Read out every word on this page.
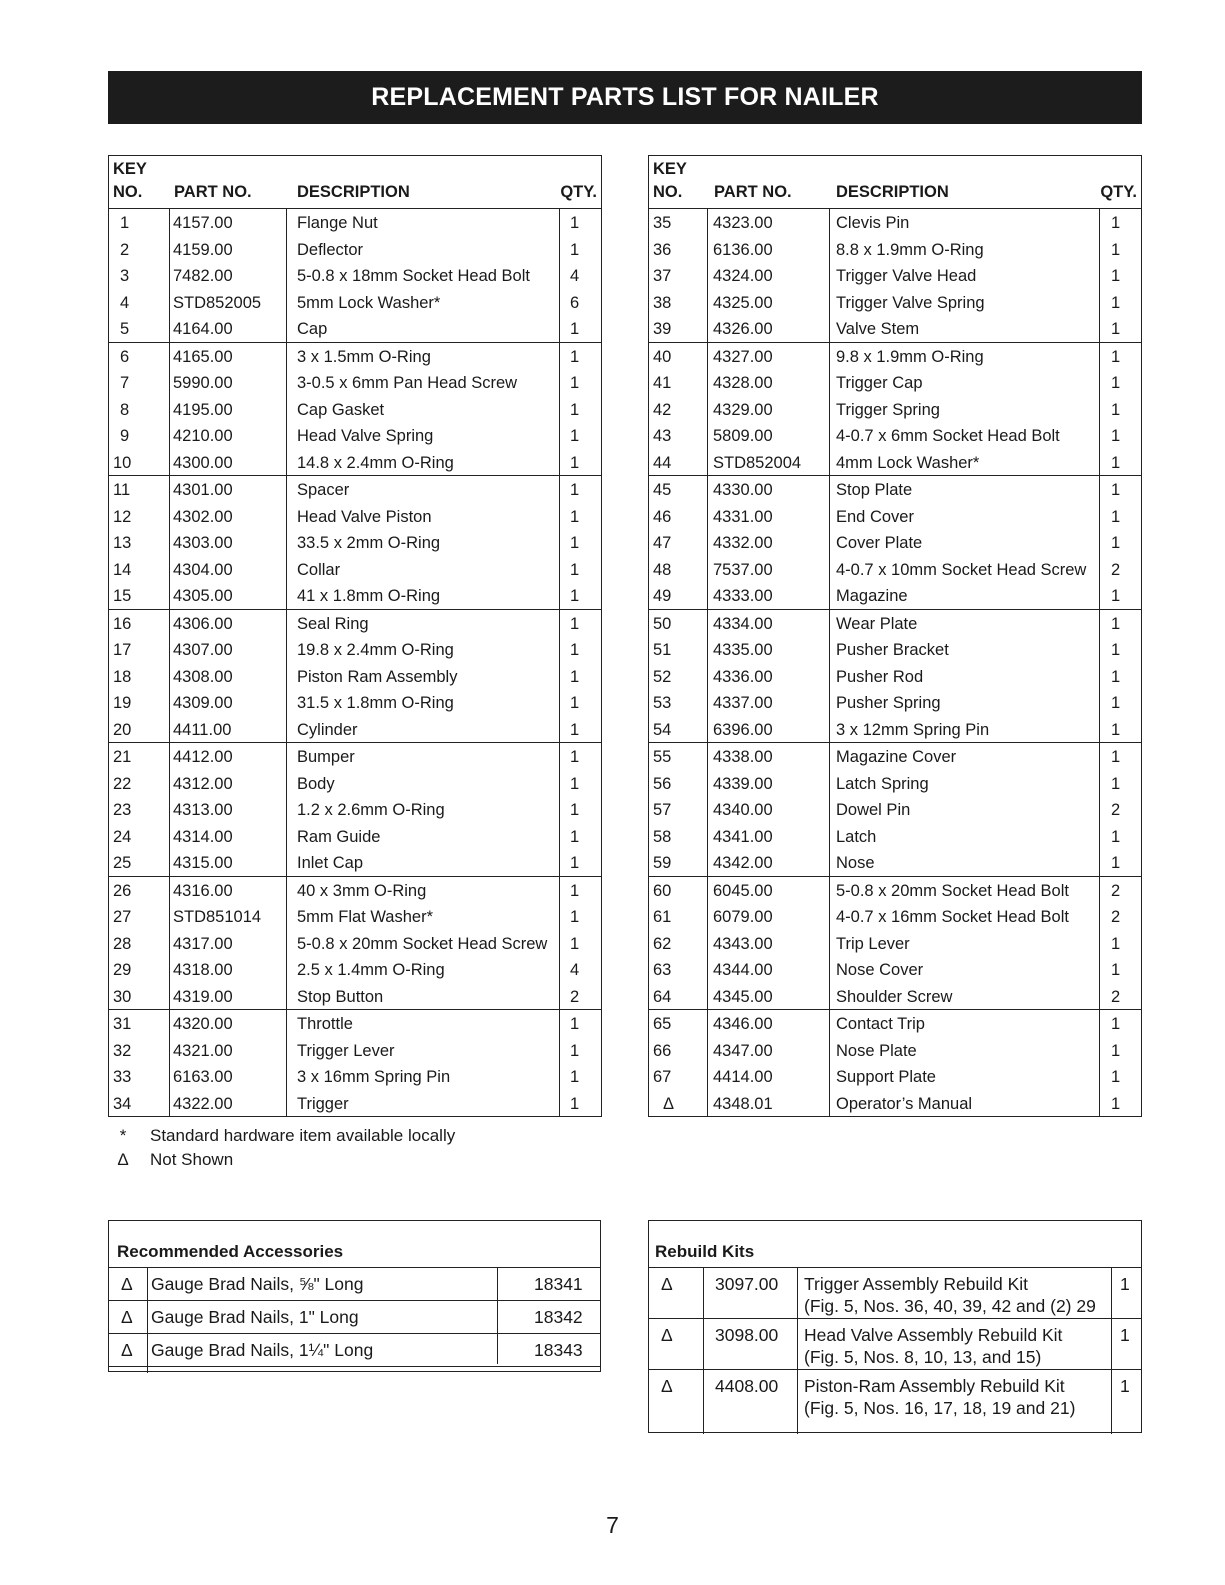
REPLACEMENT PARTS LIST FOR NAILER
KEY
NO. PART NO.	DESCRIPTION	QTY.
1	4157.00	Flange Nut	1
2	4159.00	Deflector	1
3	7482.00	5-0.8 x 18mm Socket Head Bolt 4
4	STD852005 5mm Lock Washer*	6
5	4164.00	Cap	1
6	4165.00	3 x 1.5mm O-Ring	1
7	5990.00	3-0.5 x 6mm Pan Head Screw	1
8	4195.00	Cap Gasket	1
9	4210.00	Head Valve Spring	1
10	4300.00	14.8 x 2.4mm O-Ring	1
11	4301.00	Spacer	1
12	4302.00	Head Valve Piston	1
13	4303.00	33.5 x 2mm O-Ring	1
14	4304.00	Collar	1
15	4305.00	41 x 1.8mm O-Ring	1
16	4306.00	Seal Ring	1
17	4307.00	19.8 x 2.4mm O-Ring	1
18	4308.00	Piston Ram Assembly	1
19	4309.00	31.5 x 1.8mm O-Ring	1
20	4411.00	Cylinder	1
21	4412.00	Bumper	1
22	4312.00	Body	1
23	4313.00	1.2 x 2.6mm O-Ring	1
24	4314.00	Ram Guide	1
25	4315.00	Inlet Cap	1
26	4316.00	40 x 3mm O-Ring	1
27	STD851014 5mm Flat Washer*	1
28	4317.00	5-0.8 x 20mm Socket Head Screw 1
29	4318.00	2.5 x 1.4mm O-Ring	4
30	4319.00	Stop Button	2
31	4320.00	Throttle	1
32	4321.00	Trigger Lever	1
33	6163.00	3 x 16mm Spring Pin	1
34	4322.00	Trigger	1
KEY
NO. PART NO.	DESCRIPTION	QTY.
35	4323.00	Clevis Pin	1
36	6136.00	8.8 x 1.9mm O-Ring	1
37	4324.00	Trigger Valve Head	1
38	4325.00	Trigger Valve Spring	1
39	4326.00	Valve Stem	1
40	4327.00	9.8 x 1.9mm O-Ring	1
41	4328.00	Trigger Cap	1
42	4329.00	Trigger Spring	1
43	5809.00	4-0.7 x 6mm Socket Head Bolt	1
44	STD852004 4mm Lock Washer*	1
45	4330.00	Stop Plate	1
46	4331.00	End Cover	1
47	4332.00	Cover Plate	1
48	7537.00	4-0.7 x 10mm Socket Head Screw 2
49	4333.00	Magazine	1
50	4334.00	Wear Plate	1
51	4335.00	Pusher Bracket	1
52	4336.00	Pusher Rod	1
53	4337.00	Pusher Spring	1
54	6396.00	3 x 12mm Spring Pin	1
55	4338.00	Magazine Cover	1
56	4339.00	Latch Spring	1
57	4340.00	Dowel Pin	2
58	4341.00	Latch	1
59	4342.00	Nose	1
60	6045.00	5-0.8 x 20mm Socket Head Bolt	2
61	6079.00	4-0.7 x 16mm Socket Head Bolt	2
62	4343.00	Trip Lever	1
63	4344.00	Nose Cover	1
64	4345.00	Shoulder Screw	2
65	4346.00	Contact Trip	1
66	4347.00	Nose Plate	1
67	4414.00	Support Plate	1
Δ 4348.01	Operator’s Manual	1
* Standard hardware item available locally
Δ Not Shown
Recommended Accessories
Δ Gauge Brad Nails, ⅝" Long	18341
Δ Gauge Brad Nails, 1" Long	18342
Δ Gauge Brad Nails, 1¼" Long	18343
Rebuild Kits
Δ 3097.00 Trigger Assembly Rebuild Kit
(Fig. 5, Nos. 36, 40, 39, 42 and (2) 29
1
Δ 3098.00 Head Valve Assembly Rebuild Kit
(Fig. 5, Nos. 8, 10, 13, and 15)
1
Δ 4408.00 Piston-Ram Assembly Rebuild Kit
(Fig. 5, Nos. 16, 17, 18, 19 and 21)
1
7
